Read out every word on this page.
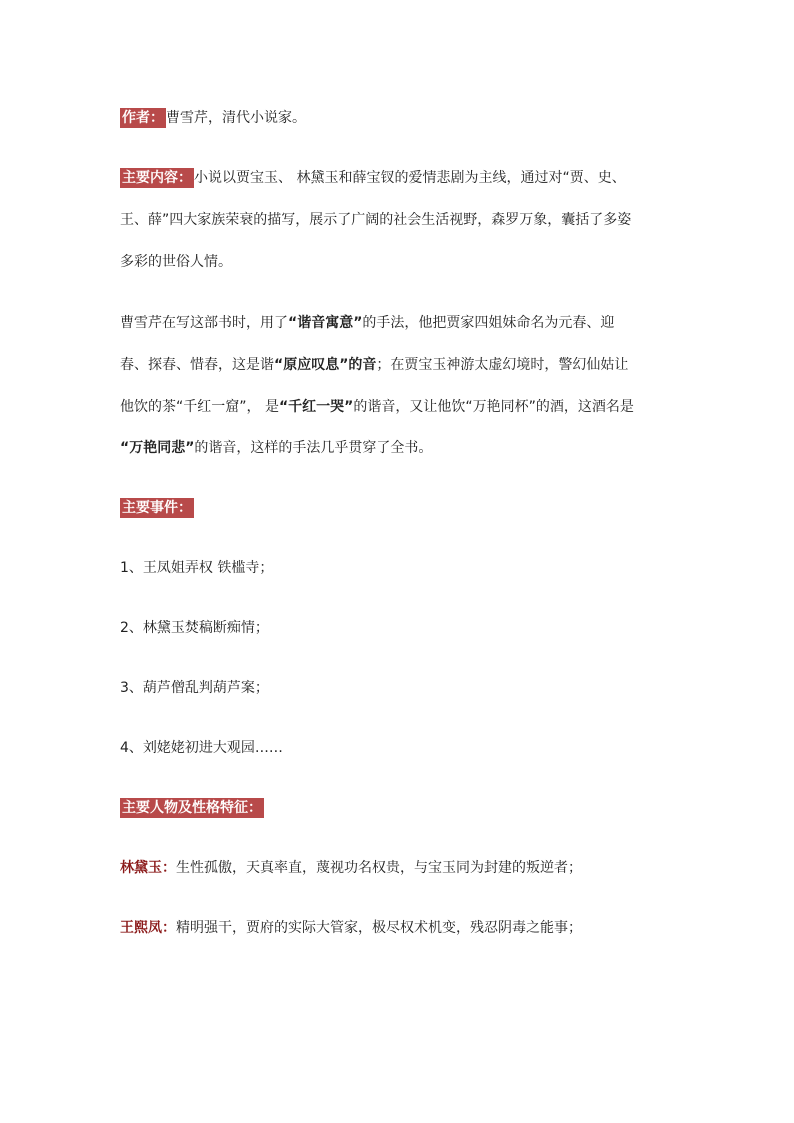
作者： 曹雪芹，清代小说家。
主要内容： 小说以贾宝玉、 林黛玉和薛宝钗的爱情悲剧为主线，通过对“贾、史、
王、薛”四大家族荣衰的描写，展示了广阔的社会生活视野，森罗万象，囊括了多姿
多彩的世俗人情。
曹雪芹在写这部书时，用了“谐音寓意”的手法，他把贾家四姐妹命名为元春、迎
春、探春、惜春，这是谐“原应叹息”的音；在贾宝玉神游太虚幻境时，警幻仙姑让
他饮的茶“千红一窟”， 是“千红一哭”的谐音，又让他饮“万艳同杯”的酒，这酒名是
“万艳同悲”的谐音，这样的手法几乎贯穿了全书。
主要事件：
1、王凤姐弄权 铁槛寺；
2、林黛玉焚稿断痴情；
3、葫芦僧乱判葫芦案；
4、刘姥姥初进大观园……
主要人物及性格特征：
林黛玉：生性孤傲，天真率直，蔑视功名权贵，与宝玉同为封建的叛逆者；
王熙凤：精明强干，贾府的实际大管家，极尽权术机变，残忍阴毒之能事；
